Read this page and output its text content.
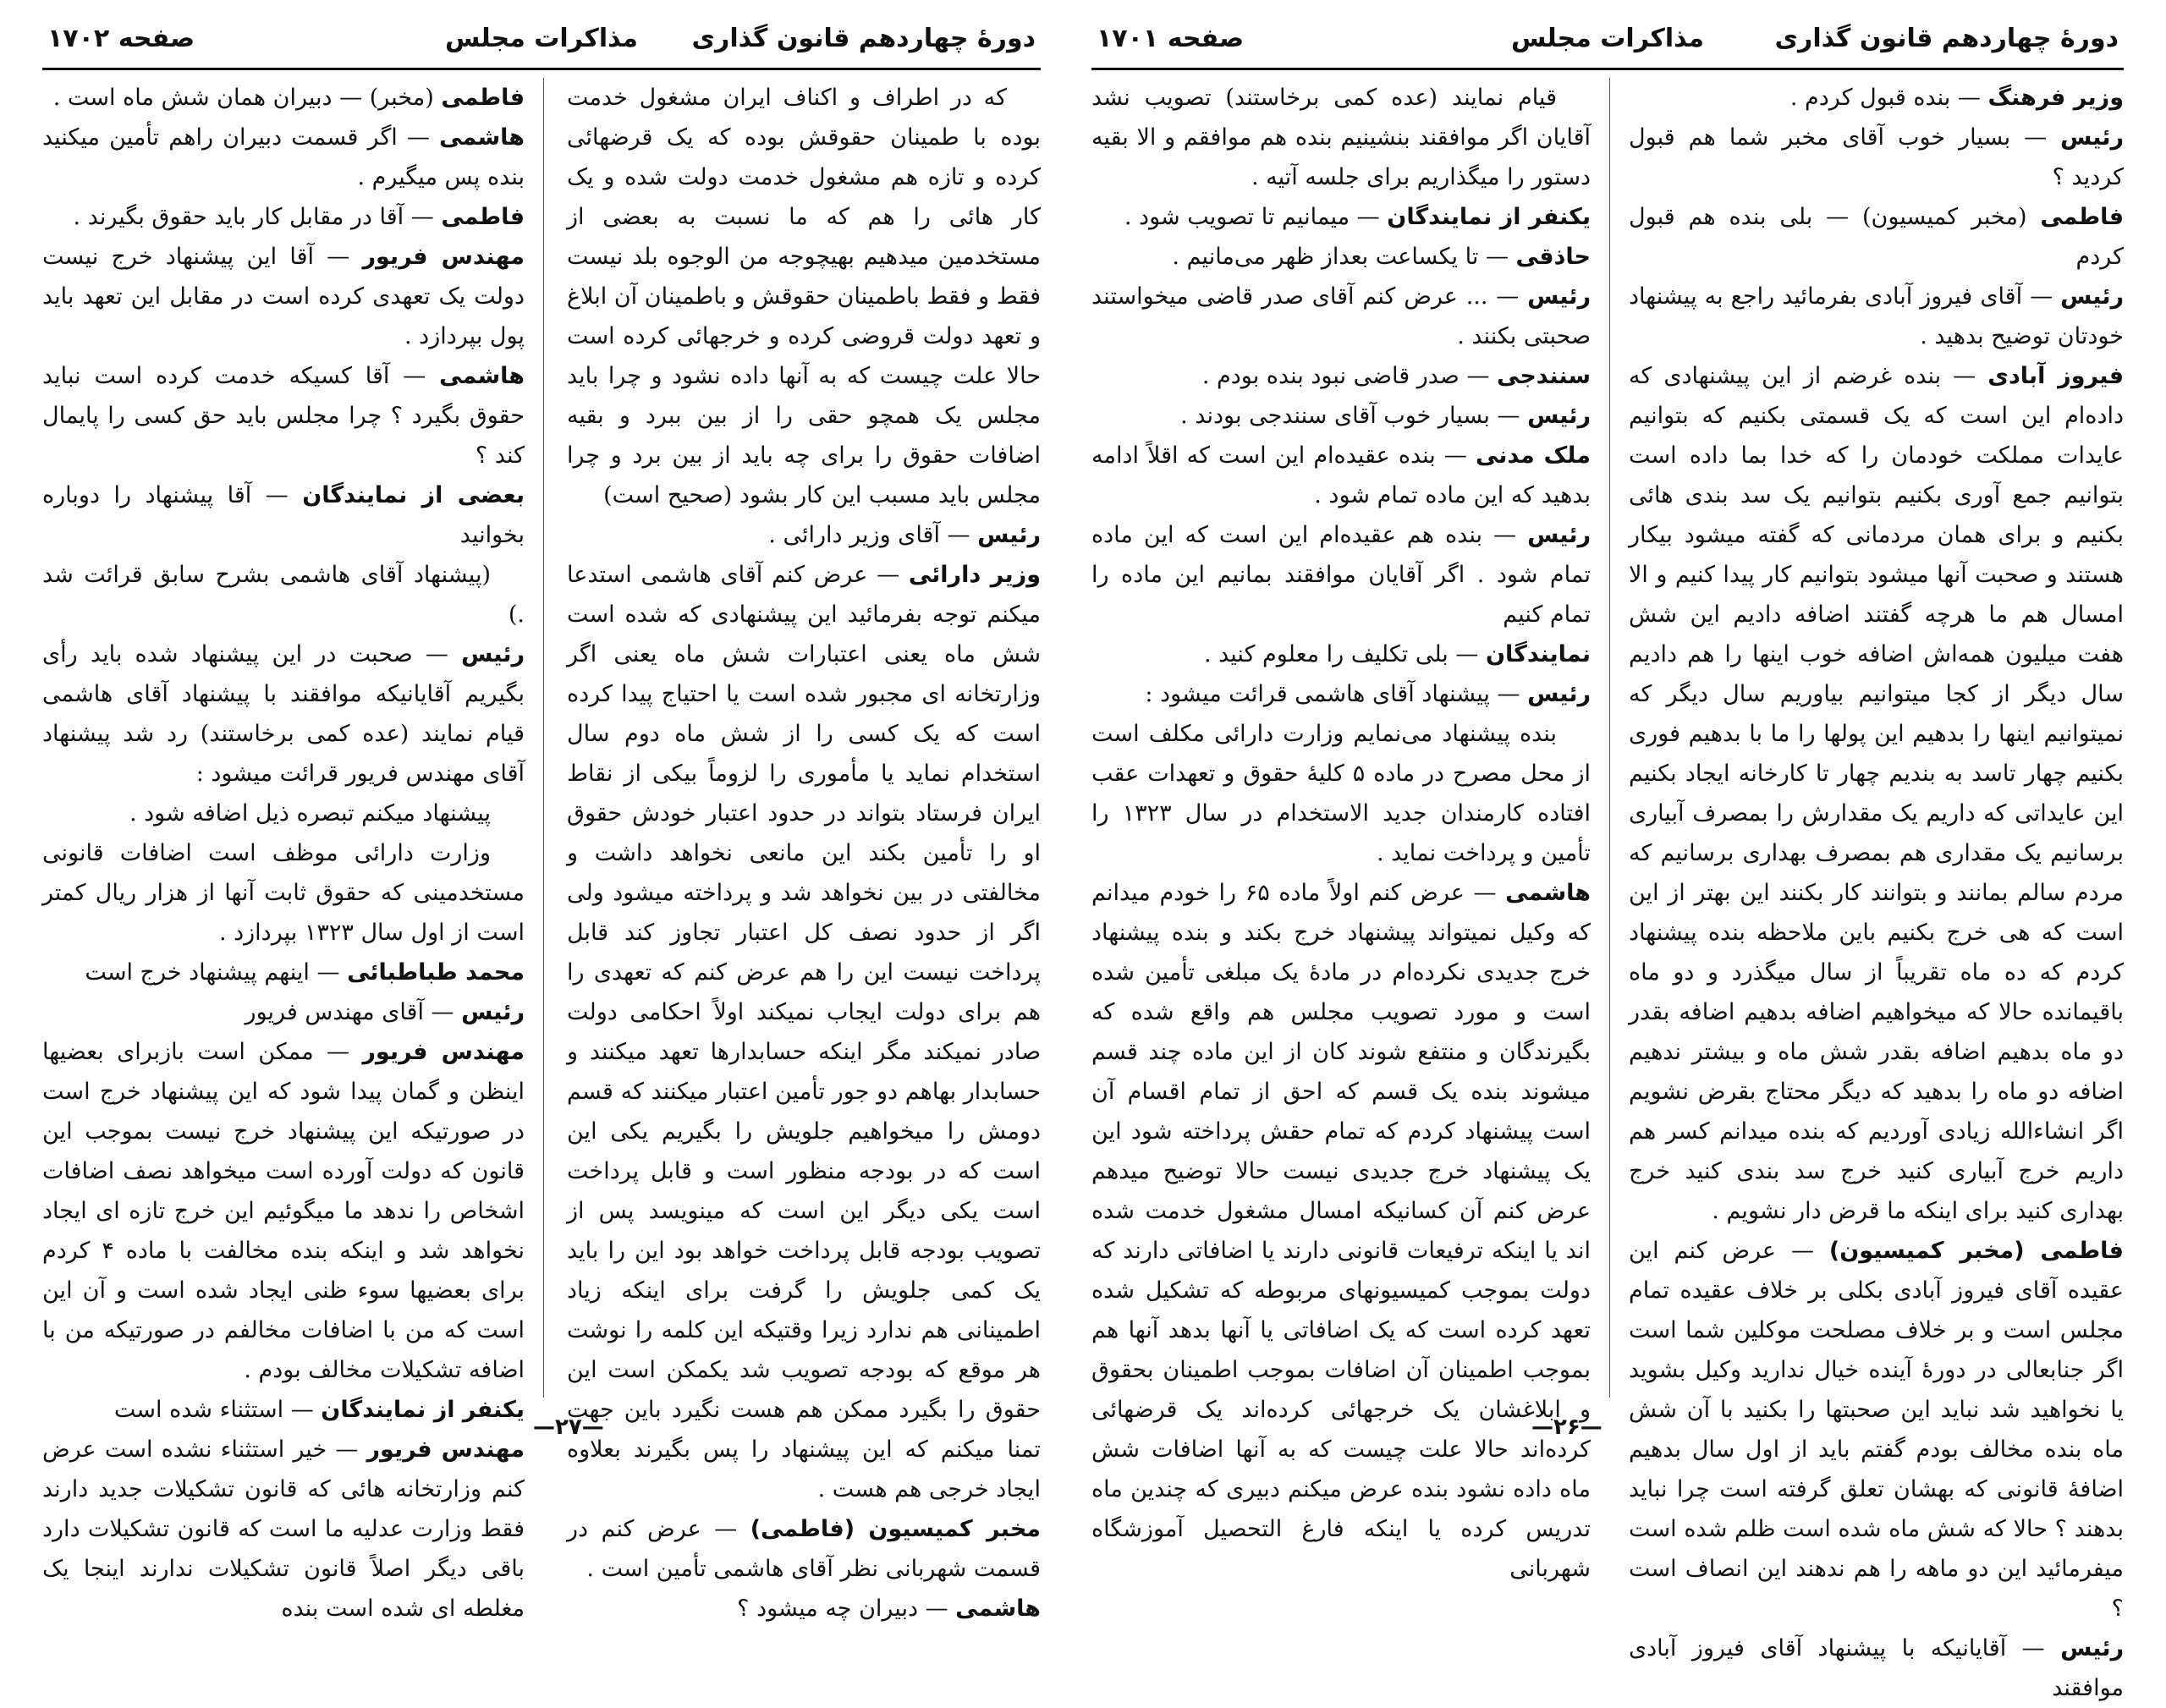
دورهٔ چهاردهم قانون گذاری
مذاکرات مجلس
صفحه ۱۷۰۲

که در اطراف و اکناف ایران مشغول خدمت بوده با طمینان حقوقش بوده که یک قرضهائی کرده و تازه هم مشغول خدمت دولت شده و یک کار هائی را هم که ما نسبت به بعضی از مستخدمین میدهیم بهیچوجه من الوجوه بلد نیست فقط و فقط باطمینان حقوقش و باطمینان آن ابلاغ و تعهد دولت قروضی کرده و خرجهائی کرده است حالا علت چیست که به آنها داده نشود و چرا باید مجلس یک همچو حقی را از بین ببرد و بقیه اضافات حقوق را برای چه باید از بین برد و چرا مجلس باید مسبب این کار بشود (صحیح است)

رئیس — آقای وزیر دارائی .

وزیر دارائی — عرض کنم آقای هاشمی استدعا میکنم توجه بفرمائید این پیشنهادی که شده است شش ماه یعنی اعتبارات شش ماه یعنی اگر وزارتخانه ای مجبور شده است یا احتیاج پیدا کرده است که یک کسی را از شش ماه دوم سال استخدام نماید یا مأموری را لزوماً بیکی از نقاط ایران فرستاد بتواند در حدود اعتبار خودش حقوق او را تأمین بکند این مانعی نخواهد داشت و مخالفتی در بین نخواهد شد و پرداخته میشود ولی اگر از حدود نصف کل اعتبار تجاوز کند قابل پرداخت نیست این را هم عرض کنم که تعهدی را هم برای دولت ایجاب نمیکند اولاً احکامی دولت صادر نمیکند مگر اینکه حسابدارها تعهد میکنند و حسابدار بهاهم دو جور تأمین اعتبار میکنند که قسم دومش را میخواهیم جلویش را بگیریم یکی این است که در بودجه منظور است و قابل پرداخت است یکی دیگر این است که مینویسد پس از تصویب بودجه قابل پرداخت خواهد بود این را باید یک کمی جلویش را گرفت برای اینکه زیاد اطمینانی هم ندارد زیرا وقتیکه این کلمه را نوشت هر موقع که بودجه تصویب شد یکمکن است این حقوق را بگیرد ممکن هم هست نگیرد باین جهت تمنا میکنم که این پیشنهاد را پس بگیرند بعلاوه ایجاد خرجی هم هست .

مخبر کمیسیون (فاطمی) — عرض کنم در قسمت شهربانی نظر آقای هاشمی تأمین است .

هاشمی — دبیران چه میشود ؟

فاطمی (مخبر) — دبیران همان شش ماه است .

هاشمی — اگر قسمت دبیران راهم تأمین میکنید بنده پس میگیرم .

فاطمی — آقا در مقابل کار باید حقوق بگیرند .

مهندس فریور — آقا این پیشنهاد خرج نیست دولت یک تعهدی کرده است در مقابل این تعهد باید پول بپردازد .

هاشمی — آقا کسیکه خدمت کرده است نباید حقوق بگیرد ؟ چرا مجلس باید حق کسی را پایمال کند ؟

بعضی از نمایندگان — آقا پیشنهاد را دوباره بخوانید

(پیشنهاد آقای هاشمی بشرح سابق قرائت شد .)

رئیس — صحبت در این پیشنهاد شده باید رأی بگیریم آقایانیکه موافقند با پیشنهاد آقای هاشمی قیام نمایند (عده کمی برخاستند) رد شد پیشنهاد آقای مهندس فریور قرائت میشود :

پیشنهاد میکنم تبصره ذیل اضافه شود .

وزارت دارائی موظف است اضافات قانونی مستخدمینی که حقوق ثابت آنها از هزار ریال کمتر است از اول سال ۱۳۲۳ بپردازد .

محمد طباطبائی — اینهم پیشنهاد خرج است

رئیس — آقای مهندس فریور

مهندس فریور — ممکن است بازبرای بعضیها اینظن و گمان پیدا شود که این پیشنهاد خرج است در صورتیکه این پیشنهاد خرج نیست بموجب این قانون که دولت آورده است میخواهد نصف اضافات اشخاص را ندهد ما میگوئیم این خرج تازه ای ایجاد نخواهد شد و اینکه بنده مخالفت با ماده ۴ کردم برای بعضیها سوء ظنی ایجاد شده است و آن این است که من با اضافات مخالفم در صورتیکه من با اضافه تشکیلات مخالف بودم .

یکنفر از نمایندگان — استثناء شده است

مهندس فریور — خیر استثناء نشده است عرض کنم وزارتخانه هائی که قانون تشکیلات جدید دارند فقط وزارت عدلیه ما است که قانون تشکیلات دارد باقی دیگر اصلاً قانون تشکیلات ندارند اینجا یک مغلطه ای شده است بنده

—۲۷—
دورهٔ چهاردهم قانون گذاری
مذاکرات مجلس
صفحه ۱۷۰۱

وزیر فرهنگ — بنده قبول کردم .

رئیس — بسیار خوب آقای مخبر شما هم قبول کردید ؟

فاطمی (مخبر کمیسیون) — بلی بنده هم قبول کردم

رئیس — آقای فیروز آبادی بفرمائید راجع به پیشنهاد خودتان توضیح بدهید .

فیروز آبادی — بنده غرضم از این پیشنهادی که داده‌ام این است که یک قسمتی بکنیم که بتوانیم عایدات مملکت خودمان را که خدا بما داده است بتوانیم جمع آوری بکنیم بتوانیم یک سد بندی هائی بکنیم و برای همان مردمانی که گفته میشود بیکار هستند و صحبت آنها میشود بتوانیم کار پیدا کنیم و الا امسال هم ما هرچه گفتند اضافه دادیم این شش هفت میلیون همه‌اش اضافه خوب اینها را هم دادیم سال دیگر از کجا میتوانیم بیاوریم سال دیگر که نمیتوانیم اینها را بدهیم این پولها را ما با بدهیم فوری بکنیم چهار تاسد به بندیم چهار تا کارخانه ایجاد بکنیم این عایداتی که داریم یک مقدارش را بمصرف آبیاری برسانیم یک مقداری هم بمصرف بهداری برسانیم که مردم سالم بمانند و بتوانند کار بکنند این بهتر از این است که هی خرج بکنیم باین ملاحظه بنده پیشنهاد کردم که ده ماه تقریباً از سال میگذرد و دو ماه باقیمانده حالا که میخواهیم اضافه بدهیم اضافه بقدر دو ماه بدهیم اضافه بقدر شش ماه و بیشتر ندهیم اضافه دو ماه را بدهید که دیگر محتاج بقرض نشویم اگر انشاءالله زیادی آوردیم که بنده میدانم کسر هم داریم خرج آبیاری کنید خرج سد بندی کنید خرج بهداری کنید برای اینکه ما قرض دار نشویم .

فاطمی (مخبر کمیسیون) — عرض کنم این عقیده آقای فیروز آبادی بکلی بر خلاف عقیده تمام مجلس است و بر خلاف مصلحت موکلین شما است اگر جنابعالی در دورهٔ آینده خیال ندارید وکیل بشوید یا نخواهید شد نباید این صحبتها را بکنید با آن شش ماه بنده مخالف بودم گفتم باید از اول سال بدهیم اضافهٔ قانونی که بهشان تعلق گرفته است چرا نباید بدهند ؟ حالا که شش ماه شده است ظلم شده است میفرمائید این دو ماهه را هم ندهند این انصاف است ؟

رئیس — آقایانیکه با پیشنهاد آقای فیروز آبادی موافقند

قیام نمایند (عده کمی برخاستند) تصویب نشد آقایان اگر موافقند بنشینیم بنده هم موافقم و الا بقیه دستور را میگذاریم برای جلسه آتیه .

یکنفر از نمایندگان — میمانیم تا تصویب شود .

حاذقی — تا یکساعت بعداز ظهر می‌مانیم .

رئیس — ... عرض کنم آقای صدر قاضی میخواستند صحبتی بکنند .

سنندجی — صدر قاضی نبود بنده بودم .

رئیس — بسیار خوب آقای سنندجی بودند .

ملک مدنی — بنده عقیده‌ام این است که اقلاً ادامه بدهید که این ماده تمام شود .

رئیس — بنده هم عقیده‌ام این است که این ماده تمام شود . اگر آقایان موافقند بمانیم این ماده را تمام کنیم

نمایندگان — بلی تکلیف را معلوم کنید .

رئیس — پیشنهاد آقای هاشمی قرائت میشود :

بنده پیشنهاد می‌نمایم وزارت دارائی مکلف است از محل مصرح در ماده ۵ کلیهٔ حقوق و تعهدات عقب افتاده کارمندان جدید الاستخدام در سال ۱۳۲۳ را تأمین و پرداخت نماید .

هاشمی — عرض کنم اولاً ماده ۶۵ را خودم میدانم که وکیل نمیتواند پیشنهاد خرج بکند و بنده پیشنهاد خرج جدیدی نکرده‌ام در مادهٔ یک مبلغی تأمین شده است و مورد تصویب مجلس هم واقع شده که بگیرندگان و منتفع شوند کان از این ماده چند قسم میشوند بنده یک قسم که احق از تمام اقسام آن است پیشنهاد کردم که تمام حقش پرداخته شود این یک پیشنهاد خرج جدیدی نیست حالا توضیح میدهم عرض کنم آن کسانیکه امسال مشغول خدمت شده اند یا اینکه ترفیعات قانونی دارند یا اضافاتی دارند که دولت بموجب کمیسیونهای مربوطه که تشکیل شده تعهد کرده است که یک اضافاتی یا آنها بدهد آنها هم بموجب اطمینان آن اضافات بموجب اطمینان بحقوق و ابلاغشان یک خرجهائی کرده‌اند یک قرضهائی کرده‌اند حالا علت چیست که به آنها اضافات شش ماه داده نشود بنده عرض میکنم دبیری که چندین ماه تدریس کرده یا اینکه فارغ التحصیل آموزشگاه شهربانی

—۲۶—
